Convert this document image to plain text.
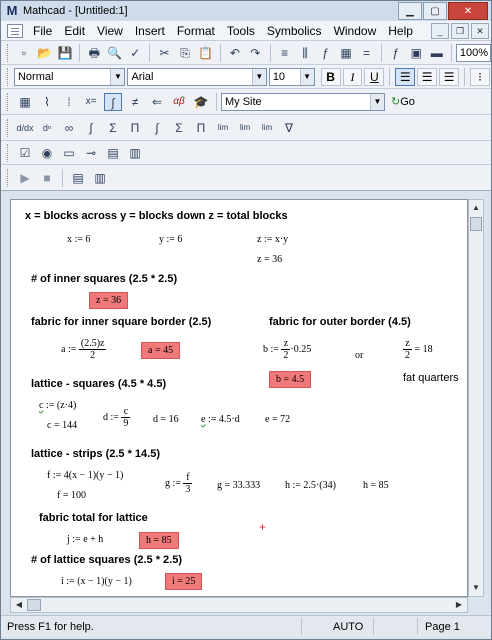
M Mathcad - [Untitled:1]	▁	▢	✕
File	Edit	View	Insert	Format	Tools	Symbolics	Window	Help	_	❐	✕
▫ 📂 💾 🖶 🔍 ✓ ✂ ⎘ 📋 ↶ ↷	≡	⫼	ƒ ▦ =	ƒ ▣ ▬	100%
Normal	▼ Arial	▼ 10	▼	B	I	U	☰ ☰ ☰	⁝
▦	⌇	⁞	x=	∫	≠	⇐	αβ 🎓	My Site	▼ ↻Go
d/dx	dⁿ	∞	∫	Σ	Π	∫	Σ	Π	lim	lim	lim	∇
☑ ◉ ▭ ⊸ ▤ ▥
▶	■	▤ ▥
x = blocks across y = blocks down z = total blocks
x := 6	y := 6	z := x·y
z = 36
# of inner squares (2.5 * 2.5)
z = 36
fabric for inner square border (2.5)	fabric for outer border (4.5)
a := $\frac{(2.5)z}{2}$	a = 45	b := $\frac{z}{2} \cdot 0.25$
or	$\frac{z}{2} = 18$
b = 4.5	fat quarters
lattice - squares (4.5 * 4.5)
c := (z·4)
c = 144
d := $\frac{c}{9}$ d = 16 e := 4.5·d	e = 72
lattice - strips (2.5 * 14.5)
f := 4(x − 1)(y − 1)
f = 100
g := $\frac{f}{3}$ g = 33.333 h := 2.5·(34)	h = 85
fabric total for lattice
j := e + h	h = 85
+
# of lattice squares (2.5 * 2.5)
i := (x − 1)(y − 1)	i = 25
▲
▼
◀	▶
Press F1 for help.	AUTO	Page 1
